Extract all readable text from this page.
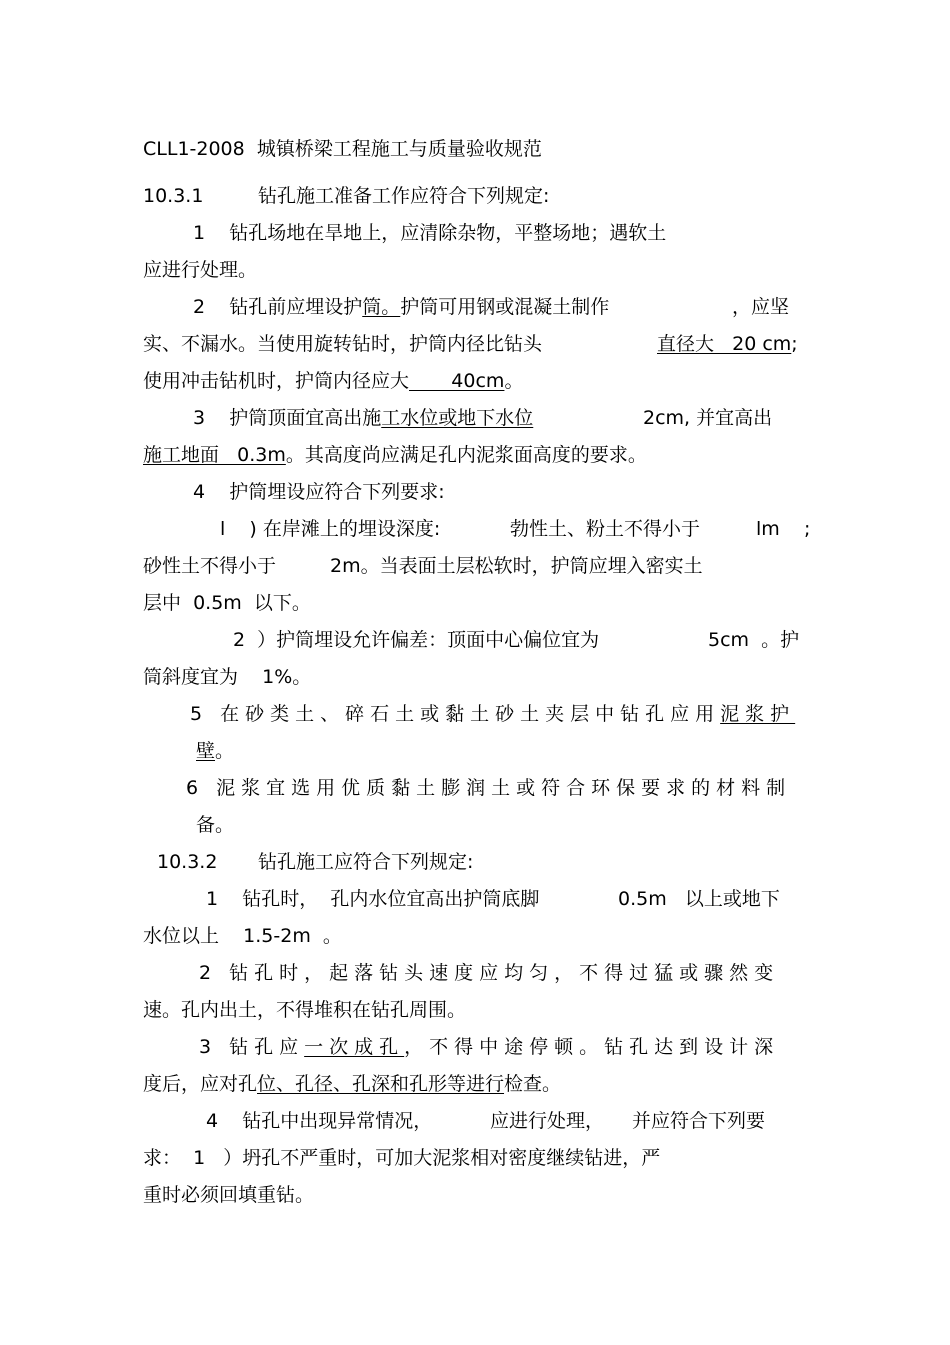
CLL1-2008  城镇桥梁工程施工与质量验收规范

10.3.1	钻孔施工准备工作应符合下列规定:

1    钻孔场地在旱地上，应清除杂物，平整场地；遇软土

应进行处理。

2    钻孔前应埋设护筒。护筒可用钢或混凝土制作	，应坚

实、不漏水。当使用旋转钻时，护筒内径比钻头	直径大   20 cm;

使用冲击钻机时，护筒内径应大       40cm。

3    护筒顶面宜高出施工水位或地下水位	2cm, 并宜高出

施工地面   0.3m。其高度尚应满足孔内泥浆面高度的要求。

4    护筒埋设应符合下列要求:

l    ) 在岸滩上的埋设深度:	勃性土、粉土不得小于	lm    ;

砂性土不得小于	2m。当表面土层松软时，护筒应埋入密实土

层中  0.5m  以下。

2  ）护筒埋设允许偏差：顶面中心偏位宜为	5cm  。护

筒斜度宜为    1%。

5 在砂类土、碎石土或黏土砂土夹层中钻孔应用泥浆护

壁。

6 泥浆宜选用优质黏土膨润土或符合环保要求的材料制

备。

10.3.2 钻孔施工应符合下列规定:

1    钻孔时，  孔内水位宜高出护筒底脚	0.5m   以上或地下

水位以上    1.5-2m  。

2 钻孔时，起落钻头速度应均匀，不得过猛或骤然变

速。孔内出土，不得堆积在钻孔周围。

3 钻孔应一次成孔，不得中途停顿。钻孔达到设计深

度后，应对孔位、孔径、孔深和孔形等进行检查。

4    钻孔中出现异常情况，	应进行处理， 并应符合下列要

求：  1   ）坍孔不严重时，可加大泥浆相对密度继续钻进，严

重时必须回填重钻。
